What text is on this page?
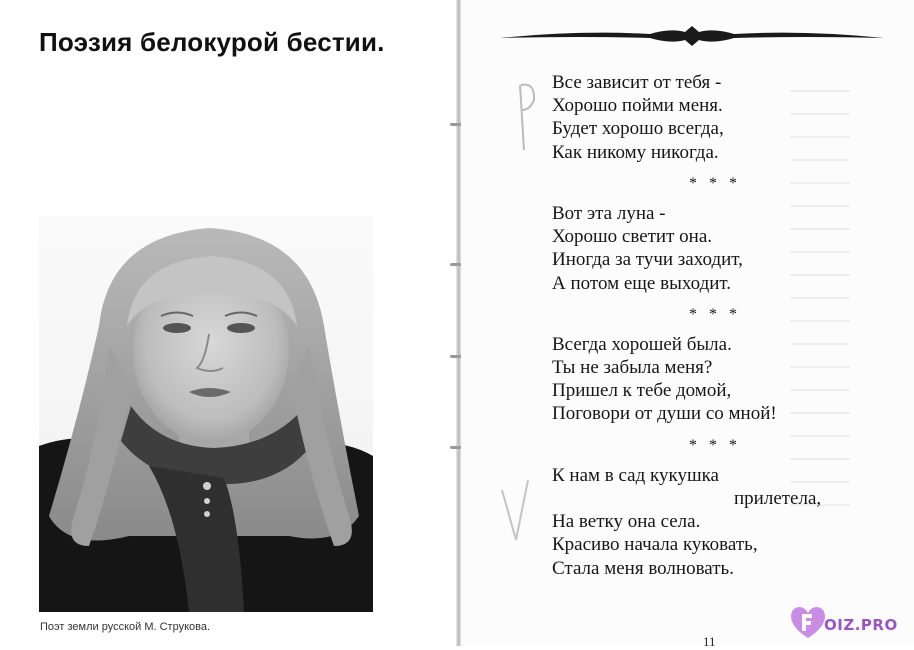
Поэзия белокурой бестии.

Поэт земли русской М. Струкова.

Все зависит от тебя -
Хорошо пойми меня.
Будет хорошо всегда,
Как никому никогда.
* * *
Вот эта луна -
Хорошо светит она.
Иногда за тучи заходит,
А потом еще выходит.
* * *
Всегда хорошей была.
Ты не забыла меня?
Пришел к тебе домой,
Поговори от души со мной!
* * *
К нам в сад кукушка
прилетела,
На ветку она села.
Красиво начала куковать,
Стала меня волновать.
11
OIZ.PRO
